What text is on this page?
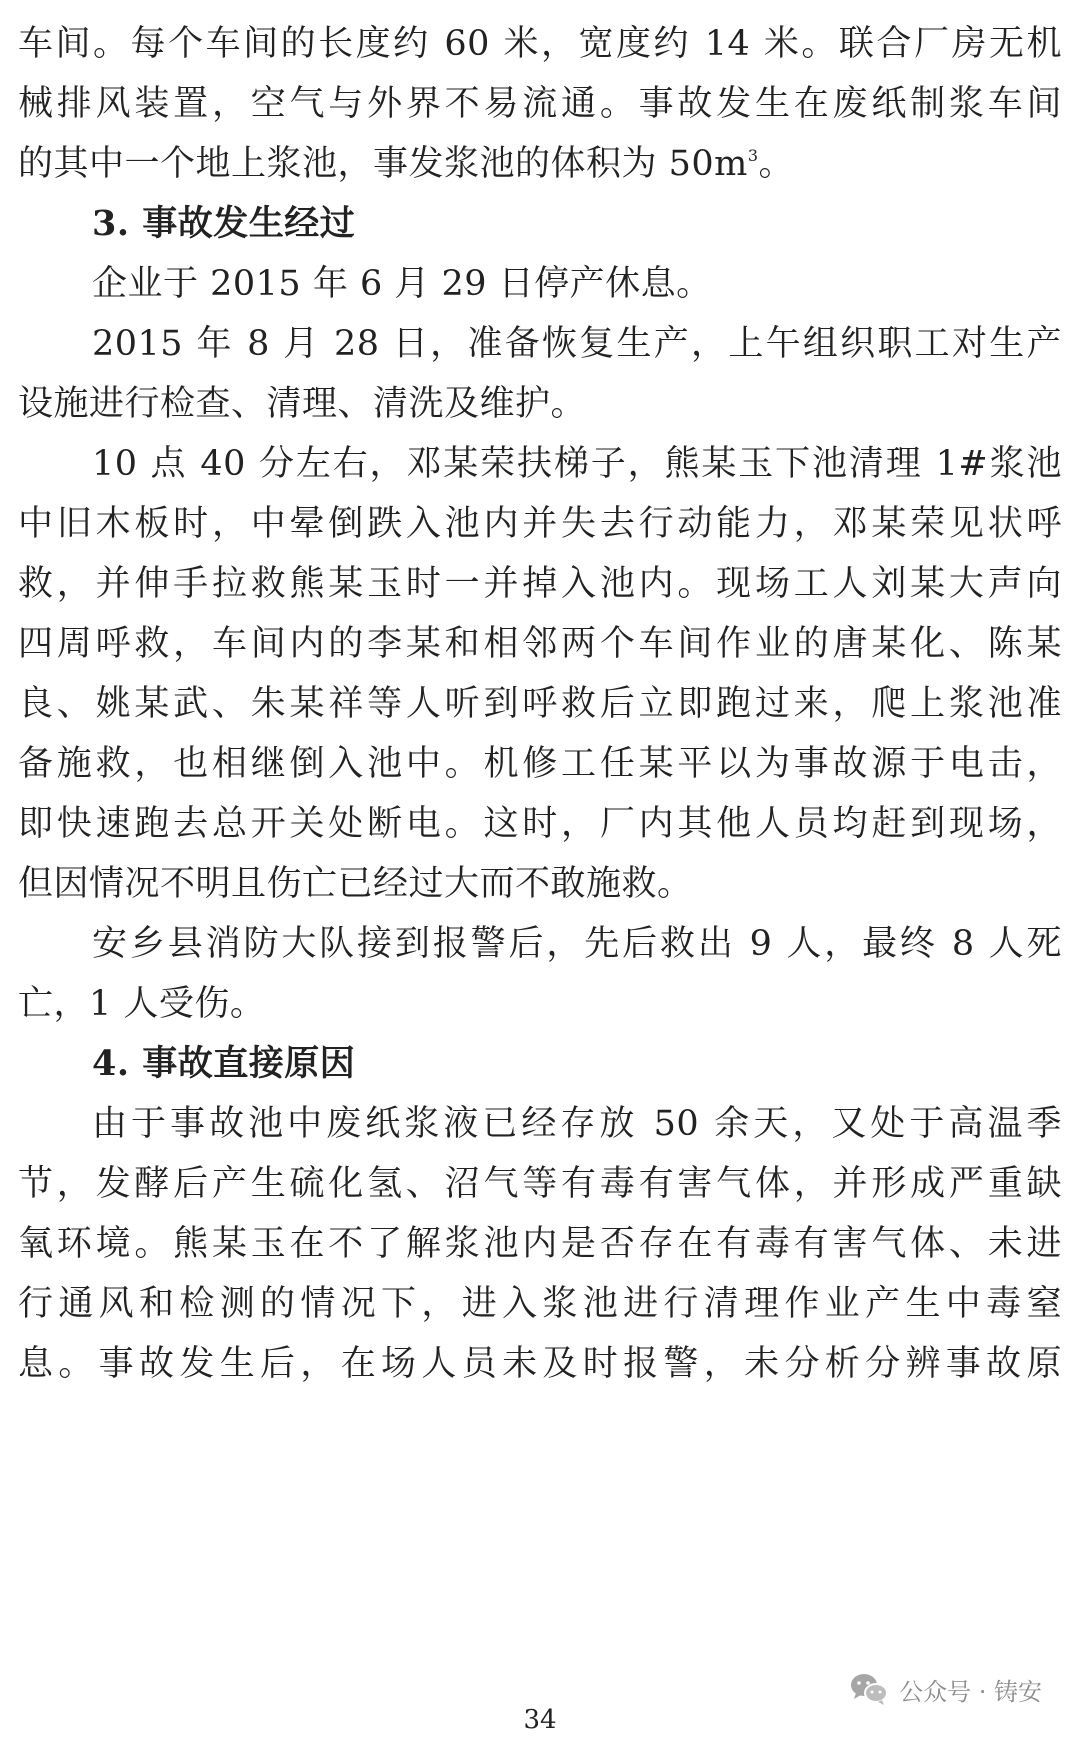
车间。每个车间的长度约 60 米，宽度约 14 米。联合厂房无机
械排风装置，空气与外界不易流通。事故发生在废纸制浆车间
的其中一个地上浆池，事发浆池的体积为 $50m^3$。
3. 事故发生经过
企业于 2015 年 6 月 29 日停产休息。
2015 年 8 月 28 日，准备恢复生产，上午组织职工对生产
设施进行检查、清理、清洗及维护。
10 点 40 分左右，邓某荣扶梯子，熊某玉下池清理 1#浆池
中旧木板时，中晕倒跌入池内并失去行动能力，邓某荣见状呼
救，并伸手拉救熊某玉时一并掉入池内。现场工人刘某大声向
四周呼救，车间内的李某和相邻两个车间作业的唐某化、陈某
良、姚某武、朱某祥等人听到呼救后立即跑过来，爬上浆池准
备施救，也相继倒入池中。机修工任某平以为事故源于电击，
即快速跑去总开关处断电。这时，厂内其他人员均赶到现场，
但因情况不明且伤亡已经过大而不敢施救。
安乡县消防大队接到报警后，先后救出 9 人，最终 8 人死
亡，1 人受伤。
4. 事故直接原因
由于事故池中废纸浆液已经存放 50 余天，又处于高温季
节，发酵后产生硫化氢、沼气等有毒有害气体，并形成严重缺
氧环境。熊某玉在不了解浆池内是否存在有毒有害气体、未进
行通风和检测的情况下，进入浆池进行清理作业产生中毒窒
息。事故发生后，在场人员未及时报警，未分析分辨事故原
公众号 · 铸安
34
